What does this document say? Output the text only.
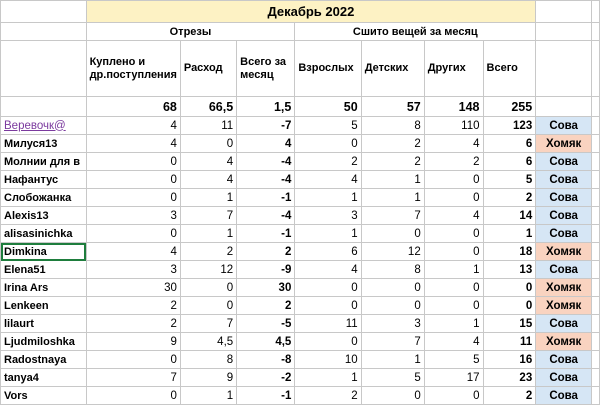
	Декабрь 2022								
	Отрезы			Сшито вещей за месяц					
	Куплено и др.поступления	Расход	Всего за месяц	Взрослых	Детских	Других	Всего		
	68	66,5	1,5	50	57	148	255		
Веревочк@	4	11	-7	5	8	110	123	Сова	
Милуся13	4	0	4	0	2	4	6	Хомяк	
Молнии для в	0	4	-4	2	2	2	6	Сова	
Нафантус	0	4	-4	4	1	0	5	Сова	
Слобожанка	0	1	-1	1	1	0	2	Сова	
Alexis13	3	7	-4	3	7	4	14	Сова	
alisasinichka	0	1	-1	1	0	0	1	Сова	
Dimkina	4	2	2	6	12	0	18	Хомяк	
Elena51	3	12	-9	4	8	1	13	Сова	
Irina Ars	30	0	30	0	0	0	0	Хомяк	
Lenkeen	2	0	2	0	0	0	0	Хомяк	
lilaurt	2	7	-5	11	3	1	15	Сова	
Ljudmiloshka	9	4,5	4,5	0	7	4	11	Хомяк	
Radostnaya	0	8	-8	10	1	5	16	Сова	
tanya4	7	9	-2	1	5	17	23	Сова	
Vors	0	1	-1	2	0	0	2	Сова	
